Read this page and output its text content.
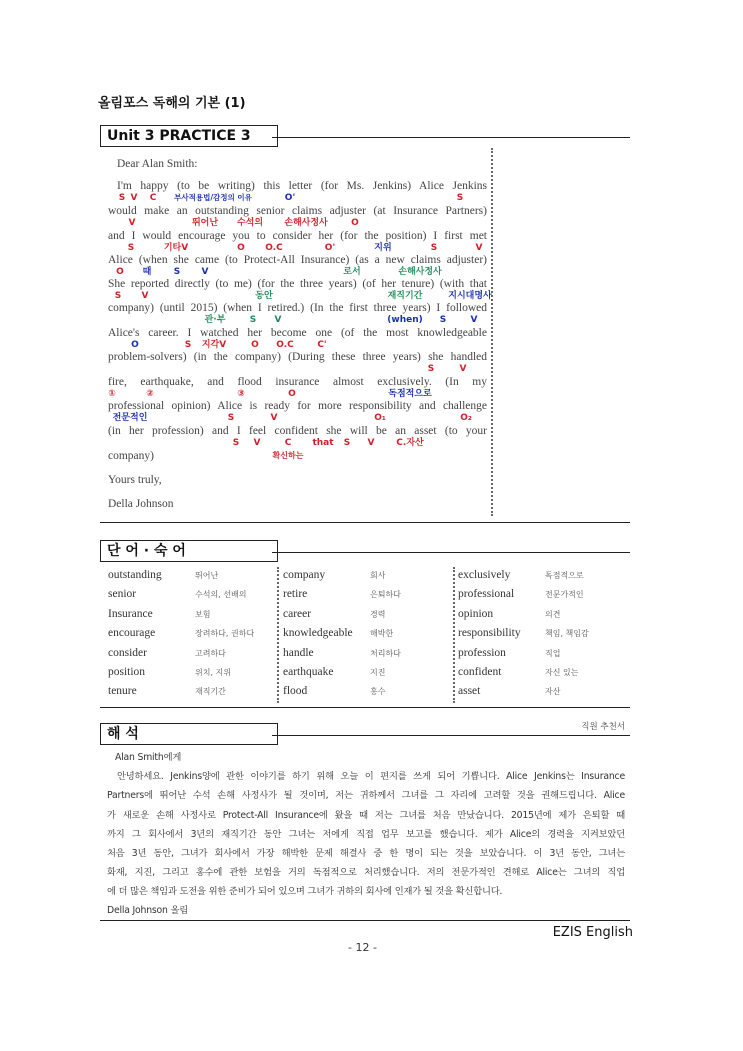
올림포스 독해의 기본 (1)
Unit 3 PRACTICE 3
Dear Alan Smith:
I'm happy (to be writing) this letter (for Ms. Jenkins) Alice Jenkins
would make an outstanding senior claims adjuster (at Insurance Partners)
and I would encourage you to consider her (for the position) I first met
Alice (when she came (to Protect-All Insurance) (as a new claims adjuster)
She reported directly (to me) (for the three years) (of her tenure) (with that
company) (until 2015) (when I retired.) (In the first three years) I followed
Alice's career. I watched her become one (of the most knowledgeable
problem-solvers) (in the company) (During these three years) she handled
fire, earthquake, and flood insurance almost exclusively. (In my
professional opinion) Alice is ready for more responsibility and challenge
(in her profession) and I feel confident she will be an asset (to your
company)
Yours truly,
Della Johnson
S V C 부사적용법/감정의 이유	O'	S
V	뛰어난 수석의 손해사정사	O
S	기타V	O O.C	O'	지위	S	V
O 때 S V	로서	손해사정사
S V	동안	재직기간	지시대명사
관·부	S V	(when) S	V
O	S 지각V	O O.C	C'
S	V
①	②	③	O	독점적으로
전문적인	S	V	O₁	O₂
S V	C
확신하는
that S V C.자산
단 어 · 숙 어
outstanding	뛰어난
senior	수석의, 선배의
Insurance	보험
encourage	장려하다, 권하다
consider	고려하다
position	위치, 지위
tenure	재직기간
company	회사
retire	은퇴하다
career	경력
knowledgeable 해박한
handle	처리하다
earthquake	지진
flood	홍수
exclusively	독점적으로
professional	전문가적인
opinion	의견
responsibility	책임, 책임감
profession	직업
confident	자신 있는
asset	자산
해 석	직원 추천서
Alan Smith에게
안녕하세요. Jenkins양에 관한 이야기를 하기 위해 오늘 이 편지를 쓰게 되어 기쁩니다. Alice Jenkins는 Insurance
Partners에 뛰어난 수석 손해 사정사가 될 것이며, 저는 귀하께서 그녀를 그 자리에 고려할 것을 권해드립니다. Alice
가 새로운 손해 사정사로 Protect-All Insurance에 왔을 때 저는 그녀를 처음 만났습니다. 2015년에 제가 은퇴할 때
까지 그 회사에서 3년의 재직기간 동안 그녀는 저에게 직접 업무 보고를 했습니다. 제가 Alice의 경력을 지켜보았던
처음 3년 동안, 그녀가 회사에서 가장 해박한 문제 해결사 중 한 명이 되는 것을 보았습니다. 이 3년 동안, 그녀는
화재, 지진, 그리고 홍수에 관한 보험을 거의 독점적으로 처리했습니다. 저의 전문가적인 견해로 Alice는 그녀의 직업
에 더 많은 책임과 도전을 위한 준비가 되어 있으며 그녀가 귀하의 회사에 인재가 될 것을 확신합니다.
Della Johnson 올림
EZIS English
- 12 -
